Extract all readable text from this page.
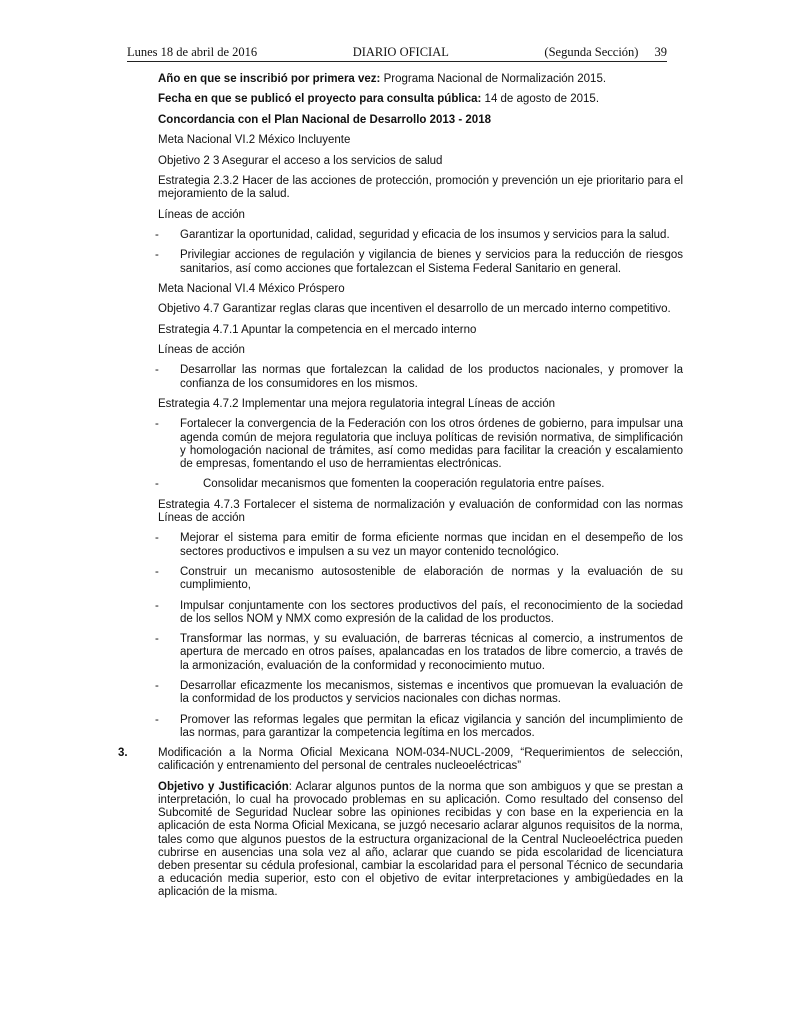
Lunes 18 de abril de 2016	DIARIO OFICIAL	(Segunda Sección) 39

Año en que se inscribió por primera vez: Programa Nacional de Normalización 2015.

Fecha en que se publicó el proyecto para consulta pública: 14 de agosto de 2015.

Concordancia con el Plan Nacional de Desarrollo 2013 - 2018

Meta Nacional VI.2 México Incluyente

Objetivo 2 3 Asegurar el acceso a los servicios de salud

Estrategia 2.3.2 Hacer de las acciones de protección, promoción y prevención un eje prioritario para el mejoramiento de la salud.

Líneas de acción

- Garantizar la oportunidad, calidad, seguridad y eficacia de los insumos y servicios para la salud.
- Privilegiar acciones de regulación y vigilancia de bienes y servicios para la reducción de riesgos sanitarios, así como acciones que fortalezcan el Sistema Federal Sanitario en general.

Meta Nacional VI.4 México Próspero

Objetivo 4.7 Garantizar reglas claras que incentiven el desarrollo de un mercado interno competitivo.

Estrategia 4.7.1 Apuntar la competencia en el mercado interno

Líneas de acción

- Desarrollar las normas que fortalezcan la calidad de los productos nacionales, y promover la confianza de los consumidores en los mismos.

Estrategia 4.7.2 Implementar una mejora regulatoria integral Líneas de acción

- Fortalecer la convergencia de la Federación con los otros órdenes de gobierno, para impulsar una agenda común de mejora regulatoria que incluya políticas de revisión normativa, de simplificación y homologación nacional de trámites, así como medidas para facilitar la creación y escalamiento de empresas, fomentando el uso de herramientas electrónicas.
-	Consolidar mecanismos que fomenten la cooperación regulatoria entre países.

Estrategia 4.7.3 Fortalecer el sistema de normalización y evaluación de conformidad con las normas Líneas de acción

- Mejorar el sistema para emitir de forma eficiente normas que incidan en el desempeño de los sectores productivos e impulsen a su vez un mayor contenido tecnológico.
- Construir un mecanismo autosostenible de elaboración de normas y la evaluación de su cumplimiento,
- Impulsar conjuntamente con los sectores productivos del país, el reconocimiento de la sociedad de los sellos NOM y NMX como expresión de la calidad de los productos.
- Transformar las normas, y su evaluación, de barreras técnicas al comercio, a instrumentos de apertura de mercado en otros países, apalancadas en los tratados de libre comercio, a través de la armonización, evaluación de la conformidad y reconocimiento mutuo.
- Desarrollar eficazmente los mecanismos, sistemas e incentivos que promuevan la evaluación de la conformidad de los productos y servicios nacionales con dichas normas.
- Promover las reformas legales que permitan la eficaz vigilancia y sanción del incumplimiento de las normas, para garantizar la competencia legítima en los mercados.
3.	Modificación a la Norma Oficial Mexicana NOM-034-NUCL-2009, “Requerimientos de selección, calificación y entrenamiento del personal de centrales nucleoeléctricas”

Objetivo y Justificación: Aclarar algunos puntos de la norma que son ambiguos y que se prestan a interpretación, lo cual ha provocado problemas en su aplicación. Como resultado del consenso del Subcomité de Seguridad Nuclear sobre las opiniones recibidas y con base en la experiencia en la aplicación de esta Norma Oficial Mexicana, se juzgó necesario aclarar algunos requisitos de la norma, tales como que algunos puestos de la estructura organizacional de la Central Nucleoeléctrica pueden cubrirse en ausencias una sola vez al año, aclarar que cuando se pida escolaridad de licenciatura deben presentar su cédula profesional, cambiar la escolaridad para el personal Técnico de secundaria a educación media superior, esto con el objetivo de evitar interpretaciones y ambigüedades en la aplicación de la misma.
